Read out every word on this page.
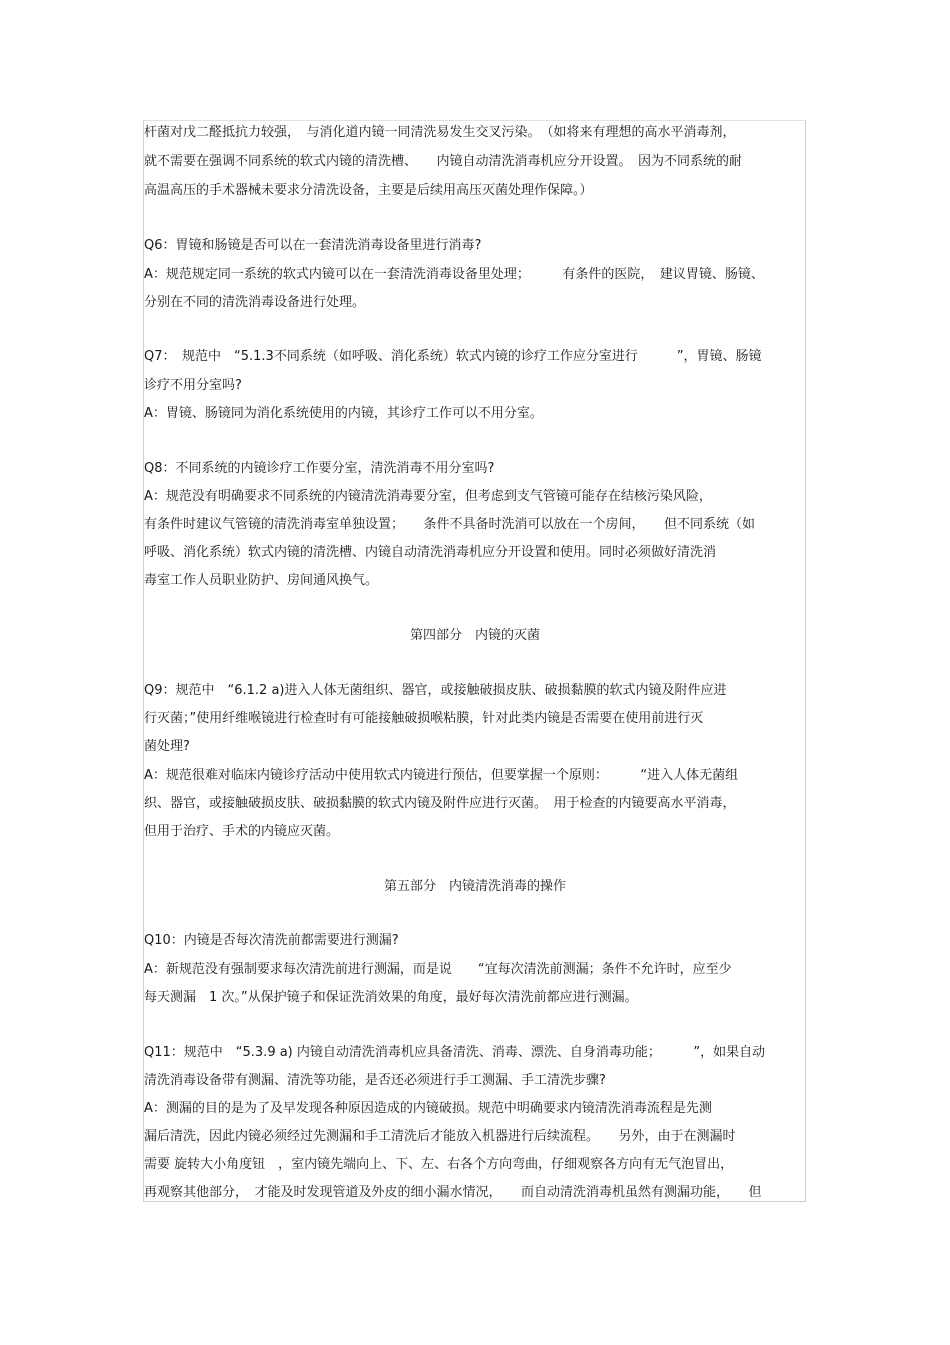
杆菌对戊二醛抵抗力较强，　与消化道内镜一同清洗易发生交叉污染。　（如将来有理想的高水平消毒剂，
就不需要在强调不同系统的软式内镜的清洗槽、　　内镜自动清洗消毒机应分开设置。　因为不同系统的耐
高温高压的手术器械未要求分清洗设备，主要是后续用高压灭菌处理作保障。）
Q6：胃镜和肠镜是否可以在一套清洗消毒设备里进行消毒?
A：规范规定同一系统的软式内镜可以在一套清洗消毒设备里处理；　　　有条件的医院，　建议胃镜、肠镜、
分别在不同的清洗消毒设备进行处理。
Q7：　规范中　“5.1.3不同系统（如呼吸、消化系统）软式内镜的诊疗工作应分室进行　　　”，胃镜、肠镜
诊疗不用分室吗?
A：胃镜、肠镜同为消化系统使用的内镜，其诊疗工作可以不用分室。
Q8：不同系统的内镜诊疗工作要分室，清洗消毒不用分室吗?
A：规范没有明确要求不同系统的内镜清洗消毒要分室，但考虑到支气管镜可能存在结核污染风险，
有条件时建议气管镜的清洗消毒室单独设置；　　条件不具备时洗消可以放在一个房间，　　但不同系统（如
呼吸、消化系统）软式内镜的清洗槽、内镜自动清洗消毒机应分开设置和使用。同时必须做好清洗消
毒室工作人员职业防护、房间通风换气。
第四部分　内镜的灭菌
Q9：规范中　“6.1.2 a)进入人体无菌组织、器官，或接触破损皮肤、破损黏膜的软式内镜及附件应进
行灭菌；”使用纤维喉镜进行检查时有可能接触破损喉粘膜，针对此类内镜是否需要在使用前进行灭
菌处理?
A：规范很难对临床内镜诊疗活动中使用软式内镜进行预估，但要掌握一个原则：　　　“进入人体无菌组
织、器官，或接触破损皮肤、破损黏膜的软式内镜及附件应进行灭菌。　用于检查的内镜要高水平消毒，
但用于治疗、手术的内镜应灭菌。
第五部分　内镜清洗消毒的操作
Q10：内镜是否每次清洗前都需要进行测漏?
A：新规范没有强制要求每次清洗前进行测漏，而是说　　“宜每次清洗前测漏；条件不允许时，应至少
每天测漏　1 次。”从保护镜子和保证洗消效果的角度，最好每次清洗前都应进行测漏。
Q11：规范中　“5.3.9 a) 内镜自动清洗消毒机应具备清洗、消毒、漂洗、自身消毒功能；　　　”，如果自动
清洗消毒设备带有测漏、清洗等功能，是否还必须进行手工测漏、手工清洗步骤?
A：测漏的目的是为了及早发现各种原因造成的内镜破损。规范中明确要求内镜清洗消毒流程是先测
漏后清洗，因此内镜必须经过先测漏和手工清洗后才能放入机器进行后续流程。　　另外，由于在测漏时
需要 旋转大小角度钮　，室内镜先端向上、下、左、右各个方向弯曲，仔细观察各方向有无气泡冒出，
再观察其他部分，　才能及时发现管道及外皮的细小漏水情况，　　而自动清洗消毒机虽然有测漏功能，　　但
